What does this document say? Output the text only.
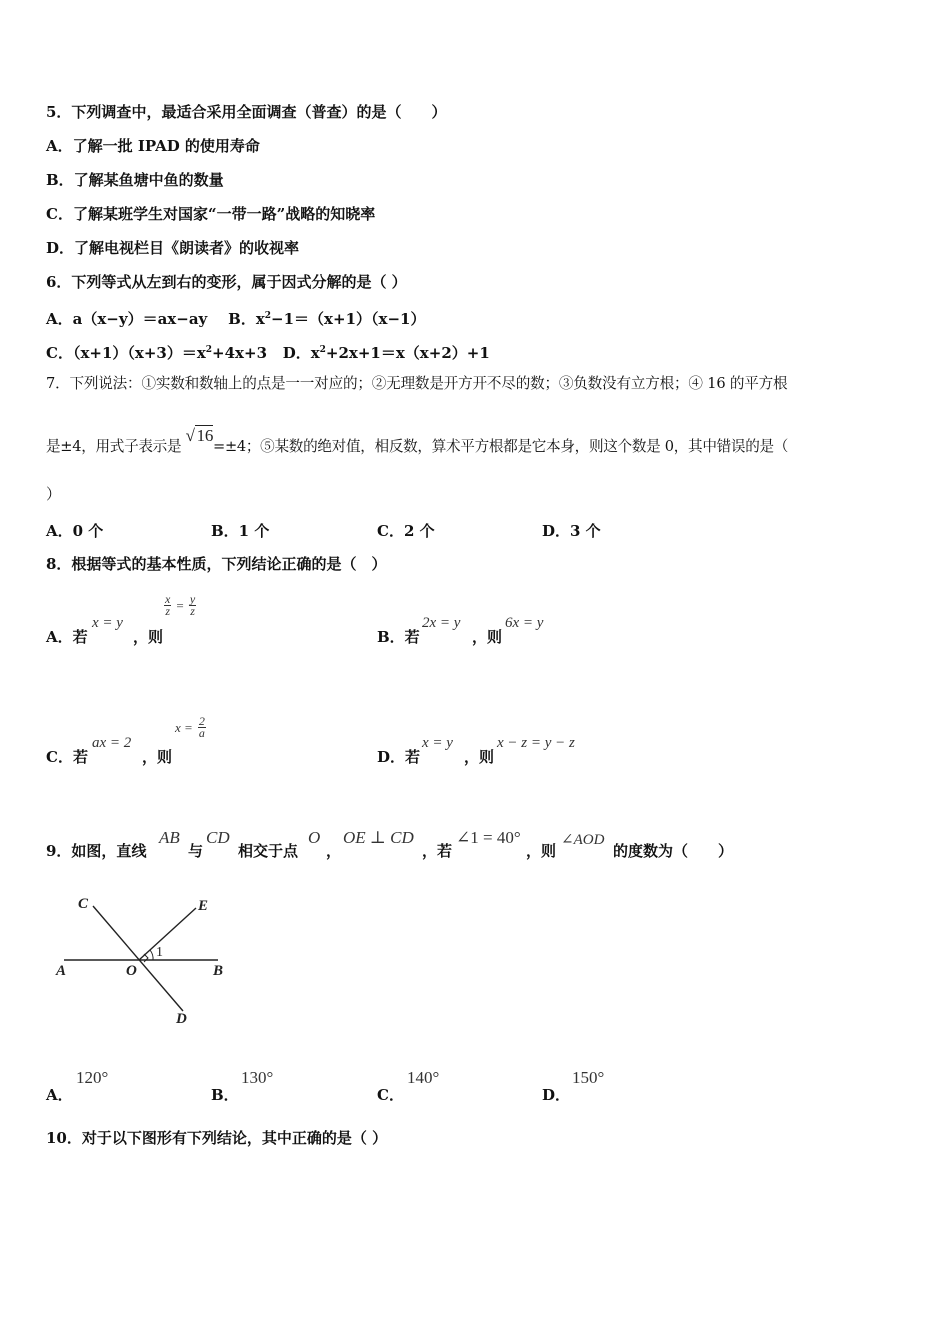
5．下列调查中，最适合采用全面调查（普查）的是（　　）
A．了解一批 IPAD 的使用寿命
B．了解某鱼塘中鱼的数量
C．了解某班学生对国家“一带一路”战略的知晓率
D．了解电视栏目《朗读者》的收视率
6．下列等式从左到右的变形，属于因式分解的是（ ）
A．a（x−y）＝ax−ay B．$x^2-1=(x+1)(x-1)$
C．$(x+1)(x+3)=x^2+4x+3$ D．$x^2+2x+1=x(x+2)+1$
7．下列说法：①实数和数轴上的点是一一对应的；②无理数是开方开不尽的数；③负数没有立方根；④ 16 的平方根
是±4，用式子表示是 √ 16=±4；⑤某数的绝对值，相反数，算术平方根都是它本身，则这个数是 0，其中错误的是（
）
A．0 个	B．1 个	C．2 个	D．3 个
8．根据等式的基本性质，下列结论正确的是（　）
A．若
x = y
，则
$\frac{x}{z} = \frac{y}{z}$
B．若
2x = y
，则
6x = y
C．若
ax = 2
，则
$x = \frac{2}{a}$
D．若
x = y
，则
x − z = y − z
9．如图，直线
AB
与
CD
相交于点
O
，
OE ⊥ CD
，若
∠1 = 40°
，则
∠AOD
的度数为（　　）
C	E
A	O	B
D
1
A．
120°
B．
130°
C．
140°
D．
150°
10．对于以下图形有下列结论，其中正确的是（ ）
